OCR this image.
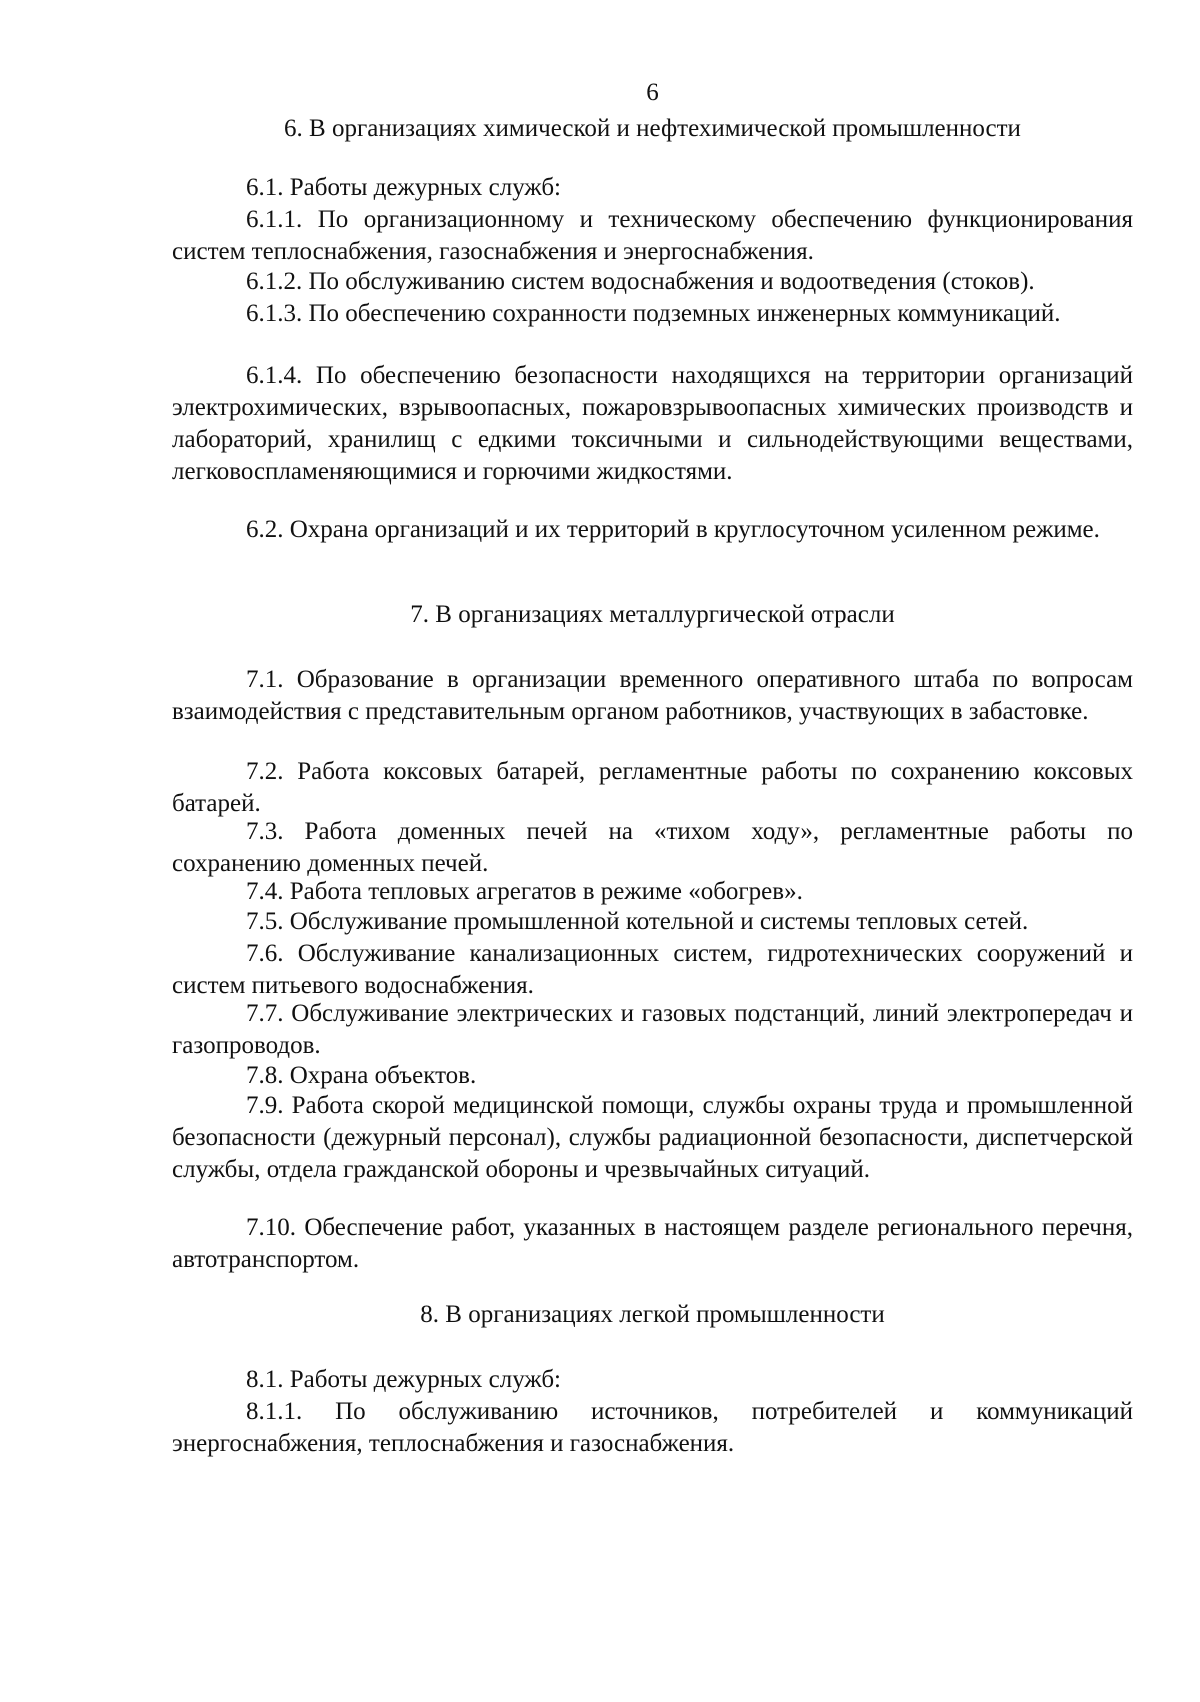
6
6. В организациях химической и нефтехимической промышленности
6.1. Работы дежурных служб:
6.1.1. По организационному и техническому обеспечению функционирования систем теплоснабжения, газоснабжения и энергоснабжения.
6.1.2. По обслуживанию систем водоснабжения и водоотведения (стоков).
6.1.3. По обеспечению сохранности подземных инженерных коммуникаций.
6.1.4. По обеспечению безопасности находящихся на территории организаций электрохимических, взрывоопасных, пожаровзрывоопасных химических производств и лабораторий, хранилищ с едкими токсичными и сильнодействующими веществами, легковоспламеняющимися и горючими жидкостями.
6.2. Охрана организаций и их территорий в круглосуточном усиленном режиме.
7. В организациях металлургической отрасли
7.1. Образование в организации временного оперативного штаба по вопросам взаимодействия с представительным органом работников, участвующих в забастовке.
7.2. Работа коксовых батарей, регламентные работы по сохранению коксовых батарей.
7.3. Работа доменных печей на «тихом ходу», регламентные работы по сохранению доменных печей.
7.4. Работа тепловых агрегатов в режиме «обогрев».
7.5. Обслуживание промышленной котельной и системы тепловых сетей.
7.6. Обслуживание канализационных систем, гидротехнических сооружений и систем питьевого водоснабжения.
7.7. Обслуживание электрических и газовых подстанций, линий электропередач и газопроводов.
7.8. Охрана объектов.
7.9. Работа скорой медицинской помощи, службы охраны труда и промышленной безопасности (дежурный персонал), службы радиационной безопасности, диспетчерской службы, отдела гражданской обороны и чрезвычайных ситуаций.
7.10. Обеспечение работ, указанных в настоящем разделе регионального перечня, автотранспортом.
8. В организациях легкой промышленности
8.1. Работы дежурных служб:
8.1.1. По обслуживанию источников, потребителей и коммуникаций энергоснабжения, теплоснабжения и газоснабжения.
